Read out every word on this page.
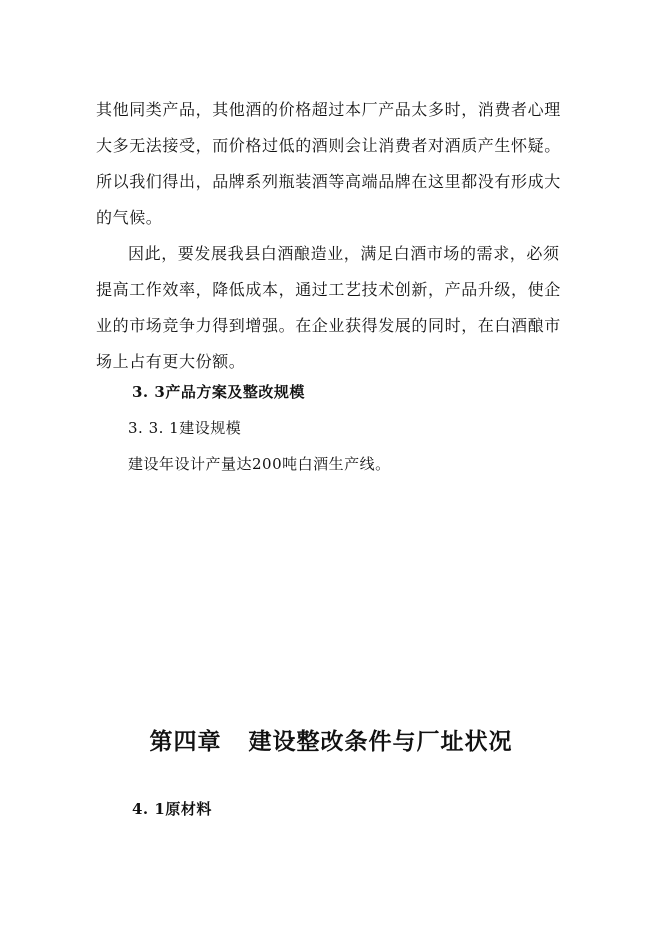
其他同类产品，其他酒的价格超过本厂产品太多时，消费者心理
大多无法接受，而价格过低的酒则会让消费者对酒质产生怀疑。
所以我们得出，品牌系列瓶装酒等高端品牌在这里都没有形成大
的气候。
因此，要发展我县白酒酿造业，满足白酒市场的需求，必须
提高工作效率，降低成本，通过工艺技术创新，产品升级，使企
业的市场竞争力得到增强。在企业获得发展的同时，在白酒酿市
场上占有更大份额。
3. 3产品方案及整改规模
3. 3. 1建设规模
建设年设计产量达200吨白酒生产线。
第四章   建设整改条件与厂址状况
4. 1原材料
